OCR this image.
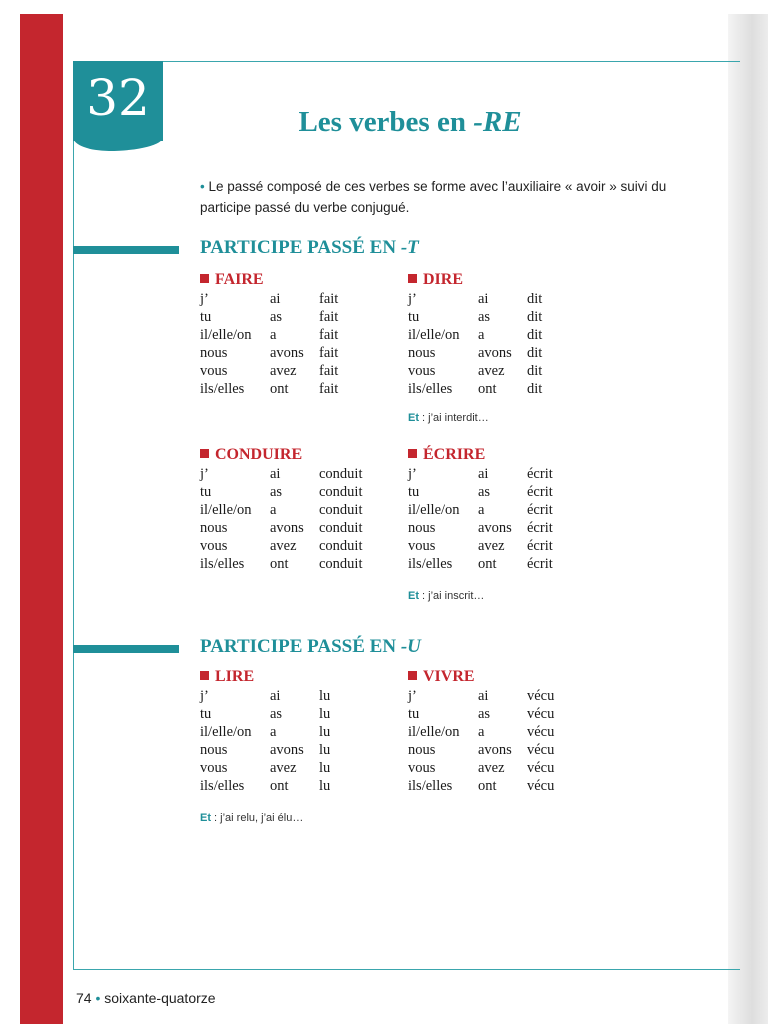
32	Les verbes en -RE
• Le passé composé de ces verbes se forme avec l’auxiliaire « avoir » suivi du participe passé du verbe conjugué.
PARTICIPE PASSÉ EN -T
FAIRE
j’	ai	fait
tu	as	fait
il/elle/on a	fait
nous	avons fait
vous	avez fait
ils/elles ont fait
DIRE
j’	ai	dit
tu	as	dit
il/elle/on a	dit
nous	avons dit
vous	avez dit
ils/elles ont dit
Et : j’ai interdit…
CONDUIRE
j’	ai	conduit
tu	as	conduit
il/elle/on a	conduit
nous	avons conduit
vous	avez conduit
ils/elles ont conduit
ÉCRIRE
j’	ai	écrit
tu	as	écrit
il/elle/on a	écrit
nous	avons écrit
vous	avez écrit
ils/elles ont écrit
Et : j’ai inscrit…
PARTICIPE PASSÉ EN -U
LIRE
j’	ai	lu
tu	as	lu
il/elle/on a	lu
nous	avons lu
vous	avez lu
ils/elles ont lu
VIVRE
j’	ai	vécu
tu	as	vécu
il/elle/on a	vécu
nous	avons vécu
vous	avez vécu
ils/elles ont vécu
Et : j’ai relu, j’ai élu…
74 • soixante-quatorze
